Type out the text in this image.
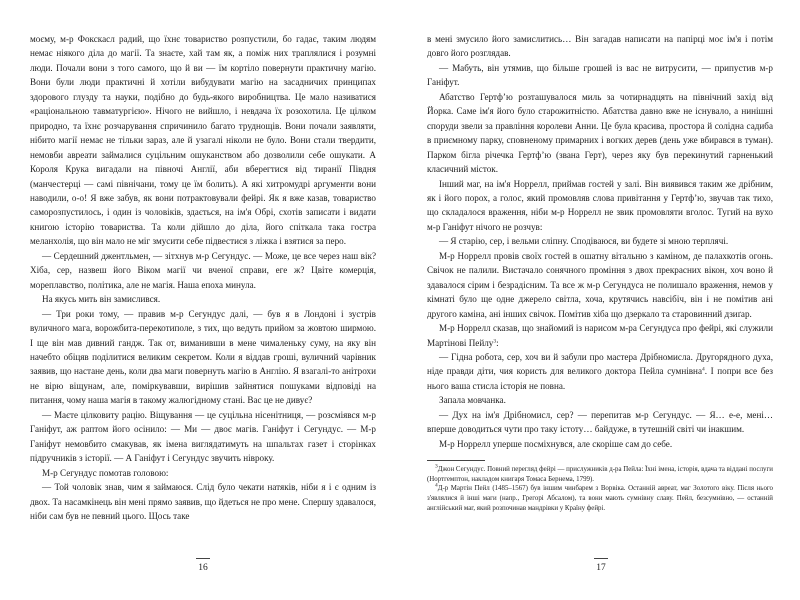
моєму, м-р Фокскасл радий, що їхнє товариство розпустили, бо гадає, таким людям немає ніякого діла до магії. Та знаєте, хай там як, а поміж них траплялися і розумні люди. Почали вони з того самого, що й ви — їм кортіло повернути практичну магію. Вони були люди практичні й хотіли вибудувати магію на засадничих принципах здорового глузду та науки, подібно до будь-якого виробництва. Це мало називатися «раціональною тавматургією». Нічого не вийшло, і невдача їх розохотила. Це цілком природно, та їхнє розчарування спричинило багато труднощів. Вони почали заявляти, нібито магії немає не тільки зараз, але й узагалі ніколи не було. Вони стали твердити, немовби авреати займалися суцільним ошуканством або дозволили себе ошукати. А Короля Крука вигадали на півночі Англії, аби вберегтися від тиранії Півдня (манчестерці — самі північани, тому це їм болить). А які хитромудрі аргументи вони наводили, о-о! Я вже забув, як вони потрактовували фейрі. Як я вже казав, товариство саморозпустилось, і один із чоловіків, здається, на ім'я Обрі, схотів записати і видати книгою історію товариства. Та коли дійшло до діла, його спіткала така гостра меланхолія, що він мало не міг змусити себе підвестися з ліжка і взятися за перо.

— Сердешний джентльмен, — зітхнув м-р Сегундус. — Може, це все через наш вік? Хіба, сер, назвеш його Віком магії чи вченої справи, еге ж? Цвіте комерція, мореплавство, політика, але не магія. Наша епоха минула.

На якусь мить він замислився.

— Три роки тому, — правив м-р Сегундус далі, — був я в Лондоні і зустрів вуличного мага, ворожбита-перекотиполе, з тих, що ведуть прийом за жовтою ширмою. І ще він мав дивний гандж. Так от, виманивши в мене чималеньку суму, на яку він начебто обіцяв поділитися великим секретом. Коли я віддав гроші, вуличний чарівник заявив, що настане день, коли два маги повернуть магію в Англію. Я взагалі-то анітрохи не вірю віщунам, але, поміркувавши, вирішив зайнятися пошуками відповіді на питання, чому наша магія в такому жалюгідному стані. Вас це не дивує?

— Маєте цілковиту рацію. Віщування — це суцільна нісенітниця, — розсміявся м-р Ганіфут, аж раптом його осінило: — Ми — двоє магів. Ганіфут і Сегундус. — М-р Ганіфут немовбито смакував, як імена виглядатимуть на шпальтах газет і сторінках підручників з історії. — А Ганіфут і Сегундус звучить нівроку.

М-р Сегундус помотав головою:

— Той чоловік знав, чим я займаюся. Слід було чекати натяків, ніби я і є одним із двох. Та насамкінець він мені прямо заявив, що йдеться не про мене. Спершу здавалося, ніби сам був не певний цього. Щось таке

16

в мені змусило його замислитись… Він загадав написати на папірці моє ім'я і потім довго його розглядав.

— Мабуть, він утямив, що більше грошей із вас не витрусити, — припустив м-р Ганіфут.

Абатство Гертфʼю розташувалося миль за чотирнадцять на північний захід від Йорка. Саме ім'я його було старожитністю. Абатства давно вже не існувало, а нинішні споруди звели за правління королеви Анни. Це була красива, простора й солідна садиба в приємному парку, сповненому примарних і вогких дерев (день уже вбирався в туман). Парком бігла річечка Гертфʼю (звана Герт), через яку був перекинутий гарненький класичний місток.

Інший маг, на ім'я Норрелл, приймав гостей у залі. Він виявився таким же дрібним, як і його порох, а голос, який промовляв слова привітання у Гертфʼю, звучав так тихо, що складалося враження, ніби м-р Норрелл не звик промовляти вголос. Тугий на вухо м-р Ганіфут нічого не розчув:

— Я старію, сер, і вельми сліпну. Сподіваюся, ви будете зі мною терплячі.

М-р Норрелл провів своїх гостей в ошатну вітальню з каміном, де палахкотів огонь. Свічок не палили. Вистачало сонячного проміння з двох прекрасних вікон, хоч воно й здавалося сірим і безрадісним. Та все ж м-р Сегундуса не полишало враження, немов у кімнаті було ще одне джерело світла, хоча, крутячись навсібіч, він і не помітив ані другого каміна, ані інших свічок. Помітив хіба що дзеркало та старовинний дзиґар.

М-р Норрелл сказав, що знайомий із нарисом м-ра Сегундуса про фейрі, які служили Мартінові Пейлу$^3$:

— Гідна робота, сер, хоч ви й забули про мастера Дрібномисла. Другорядного духа, ніде правди діти, чия користь для великого доктора Пейла сумнівна$^4$. І попри все без нього ваша стисла історія не повна.

Запала мовчанка.

— Дух на ім'я Дрібномисл, сер? — перепитав м-р Сегундус. — Я… е-е, мені… вперше доводиться чути про таку істоту… байдуже, в тутешній світі чи інакшим.

М-р Норрелл уперше посміхнувся, але скоріше сам до себе.

$^3$Джон Сегундус. Повний перегляд фейрі — прислужників д-ра Пейла: Їхні імена, історія, вдача та віддані послуги (Нортгемптон, накладом книгаря Томаса Бернема, 1799).

$^4$Д-р Мартін Пейл (1485–1567) був іншим чинбарем з Ворвіка. Останній авреат, маг Золотого віку. Після нього з'являлися й інші маги (напр., Грегорі Абсалом), та вони мають сумнівну славу. Пейл, безсумнівно, — останній англійський маг, який розпочинав мандрівки у Країну фейрі.

17
